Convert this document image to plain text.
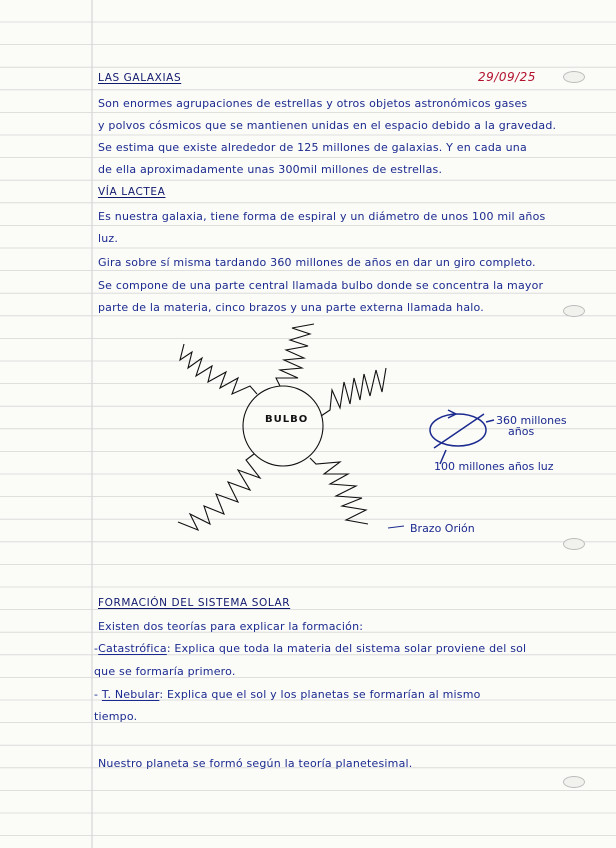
LAS GALAXIAS	29/09/25
Son enormes agrupaciones de estrellas y otros objetos astronómicos gases
y polvos cósmicos que se mantienen unidas en el espacio debido a la gravedad.
Se estima que existe alrededor de 125 millones de galaxias. Y en cada una
de ella aproximadamente unas 300mil millones de estrellas.
VÍA LACTEA
Es nuestra galaxia, tiene forma de espiral y un diámetro de unos 100 mil años
luz.
Gira sobre sí misma tardando 360 millones de años en dar un giro completo.
Se compone de una parte central llamada bulbo donde se concentra la mayor
parte de la materia, cinco brazos y una parte externa llamada halo.
BULBO	360 millones
años
100 millones años luz
Brazo Orión
FORMACIÓN DEL SISTEMA SOLAR
Existen dos teorías para explicar la formación:
-Catastrófica: Explica que toda la materia del sistema solar proviene del sol
que se formaría primero.
- T. Nebular: Explica que el sol y los planetas se formarían al mismo
tiempo.
Nuestro planeta se formó según la teoría planetesimal.
